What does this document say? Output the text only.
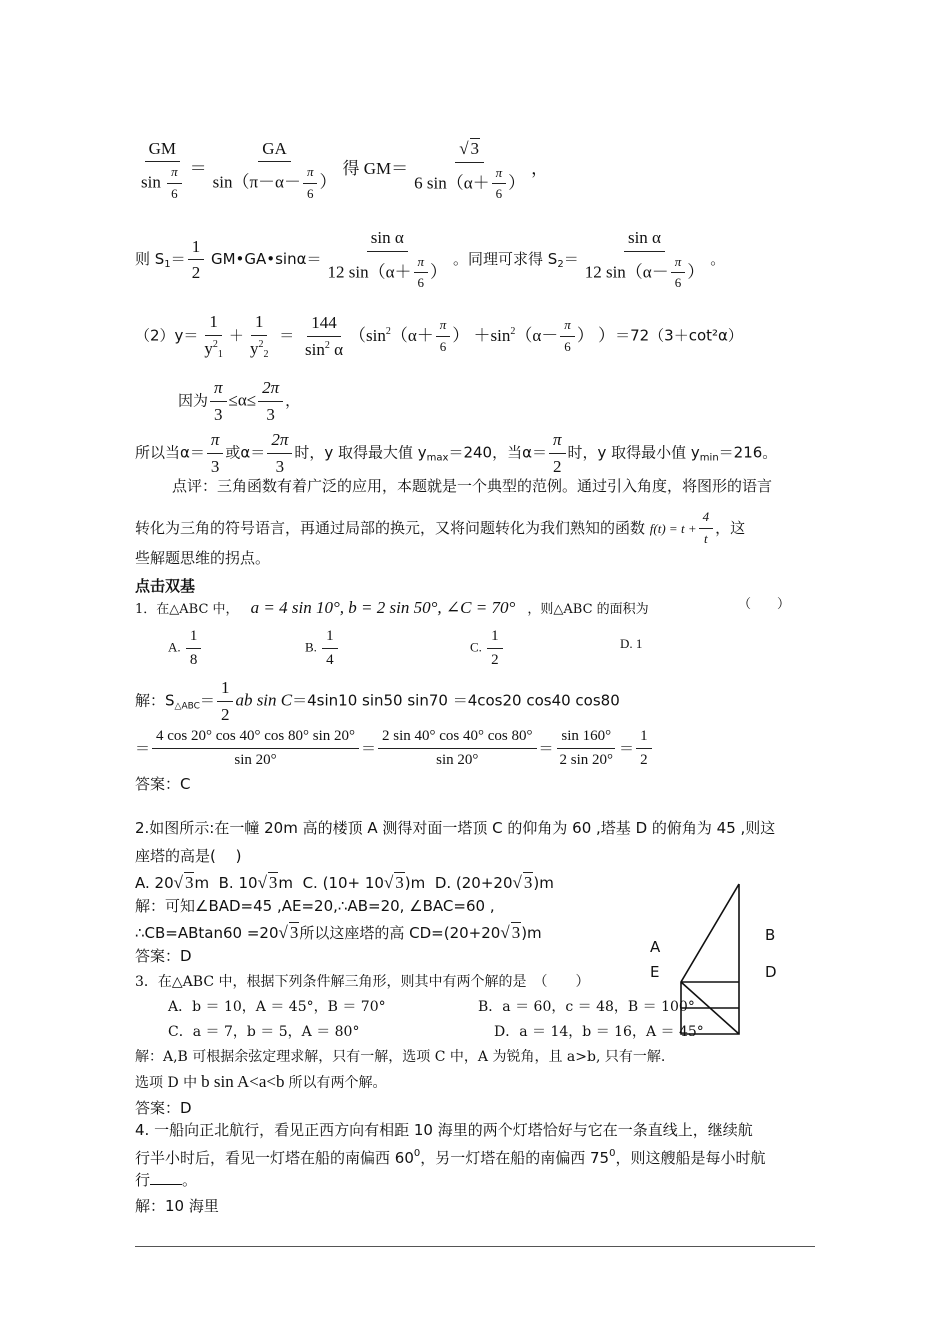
$\frac{GM}{\sin \frac{\pi}{6}} = \frac{GA}{\sin(\pi-\alpha- \frac{\pi}{6} )}$ 得 $GM= \frac{√ 3}{6 \sin(\alpha+ \frac{\pi}{6} )}$ ，
则 $S_1= \frac{1}{2}$ GM•GA•sinα＝ $\frac{\text{sin α}}{12 \sin(\alpha+ \frac{\pi}{6} )}$ 。同理可求得 $S_2= \frac{\text{sin α}}{12 \sin(\alpha- \frac{\pi}{6} )}$ 。
$(2)y= \frac{1}{y^2_1} + \frac{1}{y^2_2} = \frac{144}{\sin^2 \alpha} (\sin^2(\alpha+ \frac{\pi}{6}$ ） $+\sin^2(\alpha- \frac{\pi}{6}$ ） ）＝72（3＋cot²α）
因为 $\frac{\pi}{3} \le\alpha\le \frac{2\pi}{3}$ ，
所以当$\alpha= \frac{\pi}{3}$ 或$\alpha= \frac{2\pi}{3}$ 时，y 取得最大值 $y_{max}=240$，当$\alpha= \frac{\pi}{2}$ 时，y 取得最小值 $y_{min}=216$。
点评：三角函数有着广泛的应用，本题就是一个典型的范例。通过引入角度，将图形的语言
转化为三角的符号语言，再通过局部的换元，又将问题转化为我们熟知的函数 $f(t) = t + \frac{4}{t}$ ，这
些解题思维的拐点。
点击双基
1．在△ABC 中， a = 4 sin 10°, b = 2 sin 50°, ∠C = 70° ，则△ABC 的面积为	（　　）
A. $\frac{1}{8}$	B. $\frac{1}{4}$	C. $\frac{1}{2}$	D. 1
解：$S_{\triangle ABC}= \frac{1}{2}$ ab sin C＝4sin10 sin50 sin70 ＝4cos20 cos40 cos80
＝ $\frac{4 \cos 20^\circ \cos 40^\circ \cos 80^\circ \sin 20^\circ}{\sin 20^\circ} = \frac{2 \sin 40^\circ \cos 40^\circ \cos 80^\circ}{\sin 20^\circ} = \frac{\sin 160^\circ}{2 \sin 20^\circ} = \frac{1}{2}$
答案：C
2.如图所示:在一幢 20m 高的楼顶 A 测得对面一塔顶 C 的仰角为 60 ,塔基 D 的俯角为 45 ,则这
座塔的高是(　 )
A. 20√ 3m B. 10√ 3m C. (10+ 10√ 3)m D. (20+20√ 3)m
解：可知∠BAD=45 ,AE=20,∴AB=20, ∠BAC=60 ,
∴CB=ABtan60 =20√ 3所以这座塔的高 CD=(20+20√ 3)m
答案：D	A
B
E	D
3．在△ABC 中，根据下列条件解三角形，则其中有两个解的是　（　　）
A．b ＝ 10，A ＝ 45°，B ＝ 70°	B．a ＝ 60，c ＝ 48，B ＝ 100°
C．a ＝ 7，b ＝ 5，A ＝ 80°	D．a ＝ 14，b ＝ 16，A ＝ 45°
解：A,B 可根据余弦定理求解，只有一解，选项 C 中，A 为锐角，且 a>b, 只有一解.
选项 D 中 b sin A<a<b 所以有两个解。
答案：D
4. 一船向正北航行，看见正西方向有相距 10 海里的两个灯塔恰好与它在一条直线上，继续航
行半小时后，看见一灯塔在船的南偏西 $60^0$，另一灯塔在船的南偏西 $75^0$，则这艘船是每小时航
行 。
解：10 海里
